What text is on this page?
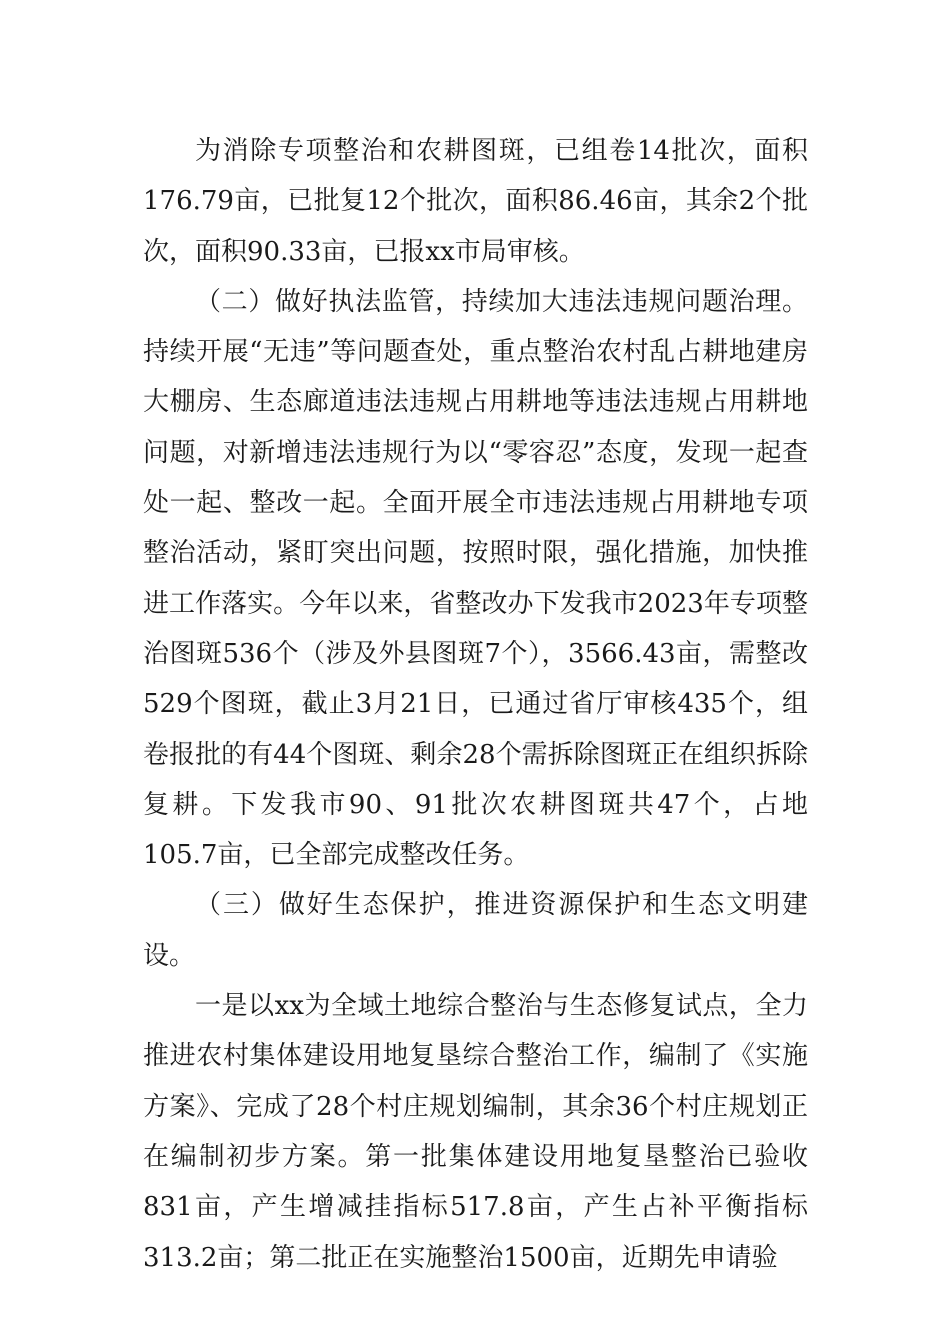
为消除专项整治和农耕图斑，已组卷14批次，面积176.79亩，已批复12个批次，面积86.46亩，其余2个批次，面积90.33亩，已报xx市局审核。

（二）做好执法监管，持续加大违法违规问题治理。持续开展“无违”等问题查处，重点整治农村乱占耕地建房大棚房、生态廊道违法违规占用耕地等违法违规占用耕地问题，对新增违法违规行为以“零容忍”态度，发现一起查处一起、整改一起。全面开展全市违法违规占用耕地专项整治活动，紧盯突出问题，按照时限，强化措施，加快推进工作落实。今年以来，省整改办下发我市2023年专项整治图斑536个（涉及外县图斑7个），3566.43亩，需整改529个图斑，截止3月21日，已通过省厅审核435个，组卷报批的有44个图斑、剩余28个需拆除图斑正在组织拆除复耕。下发我市90、91批次农耕图斑共47个，占地105.7亩，已全部完成整改任务。

（三）做好生态保护，推进资源保护和生态文明建设。

一是以xx为全域土地综合整治与生态修复试点，全力推进农村集体建设用地复垦综合整治工作，编制了《实施方案》、完成了28个村庄规划编制，其余36个村庄规划正在编制初步方案。第一批集体建设用地复垦整治已验收831亩，产生增减挂指标517.8亩，产生占补平衡指标313.2亩；第二批正在实施整治1500亩，近期先申请验
